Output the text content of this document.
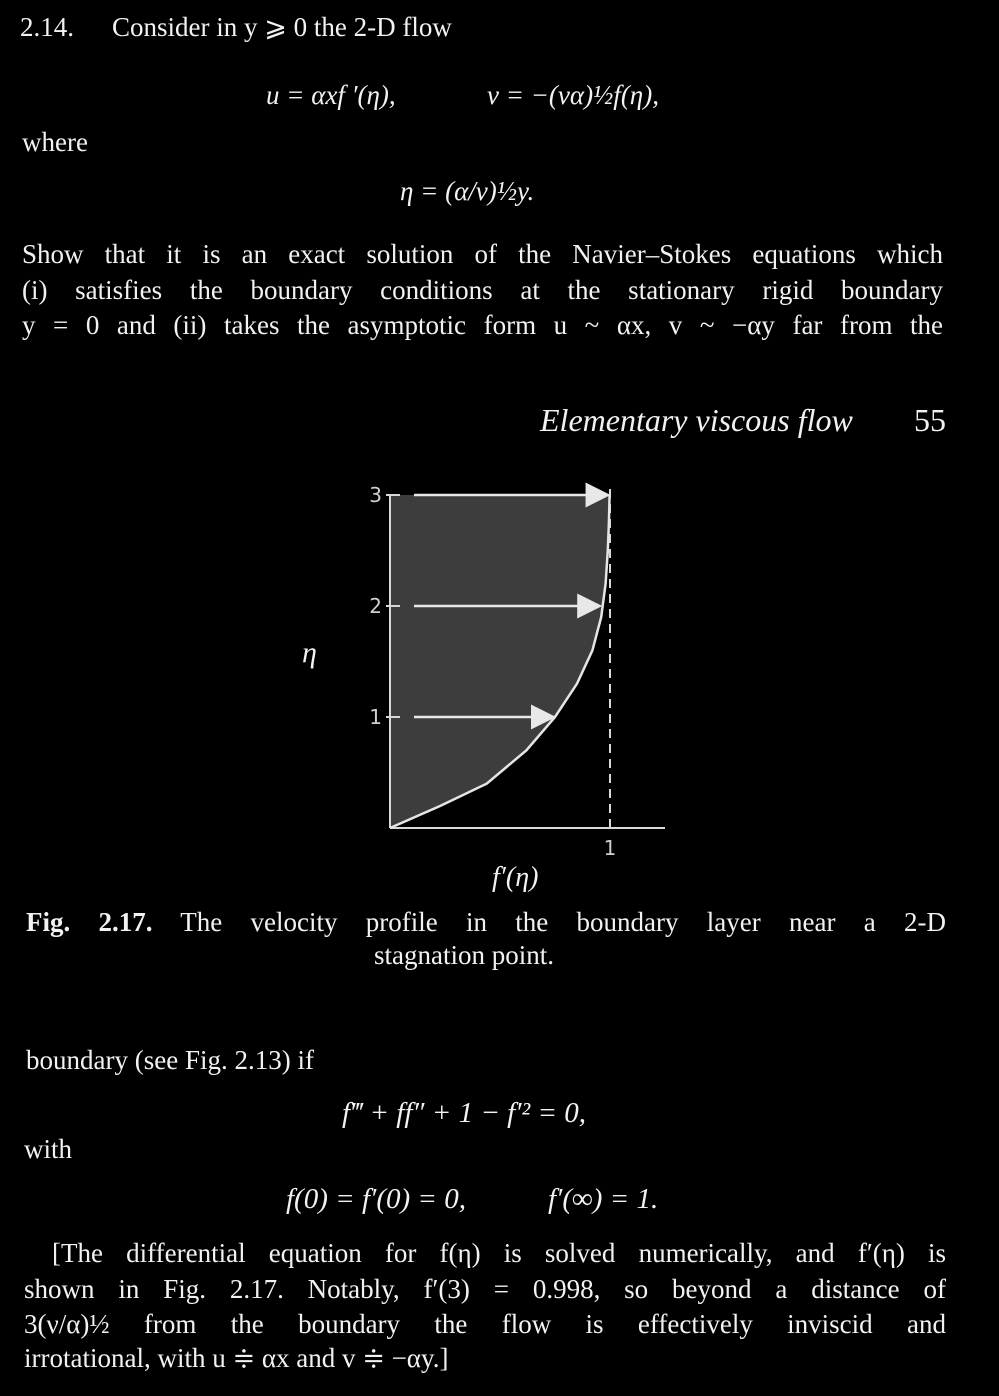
2.14. Consider in y ⩾ 0 the 2-D flow
u = αxf ′(η),	v = −(να)½f(η),
where
η = (α/ν)½y.
Show that it is an exact solution of the Navier–Stokes equations which
(i) satisfies the boundary conditions at the stationary rigid boundary
y = 0 and (ii) takes the asymptotic form u ~ αx, v ~ −αy far from the
Elementary viscous flow 55
η
1
2
3
1
f′(η)
Fig. 2.17. The velocity profile in the boundary layer near a 2-D
stagnation point.
boundary (see Fig. 2.13) if
f‴ + ff″ + 1 − f′² = 0,
with
f(0) = f′(0) = 0,	f′(∞) = 1.
[The differential equation for f(η) is solved numerically, and f′(η) is
shown in Fig. 2.17. Notably, f′(3) = 0.998, so beyond a distance of
3(ν/α)½ from the boundary the flow is effectively inviscid and
irrotational, with u ≑ αx and v ≑ −αy.]
